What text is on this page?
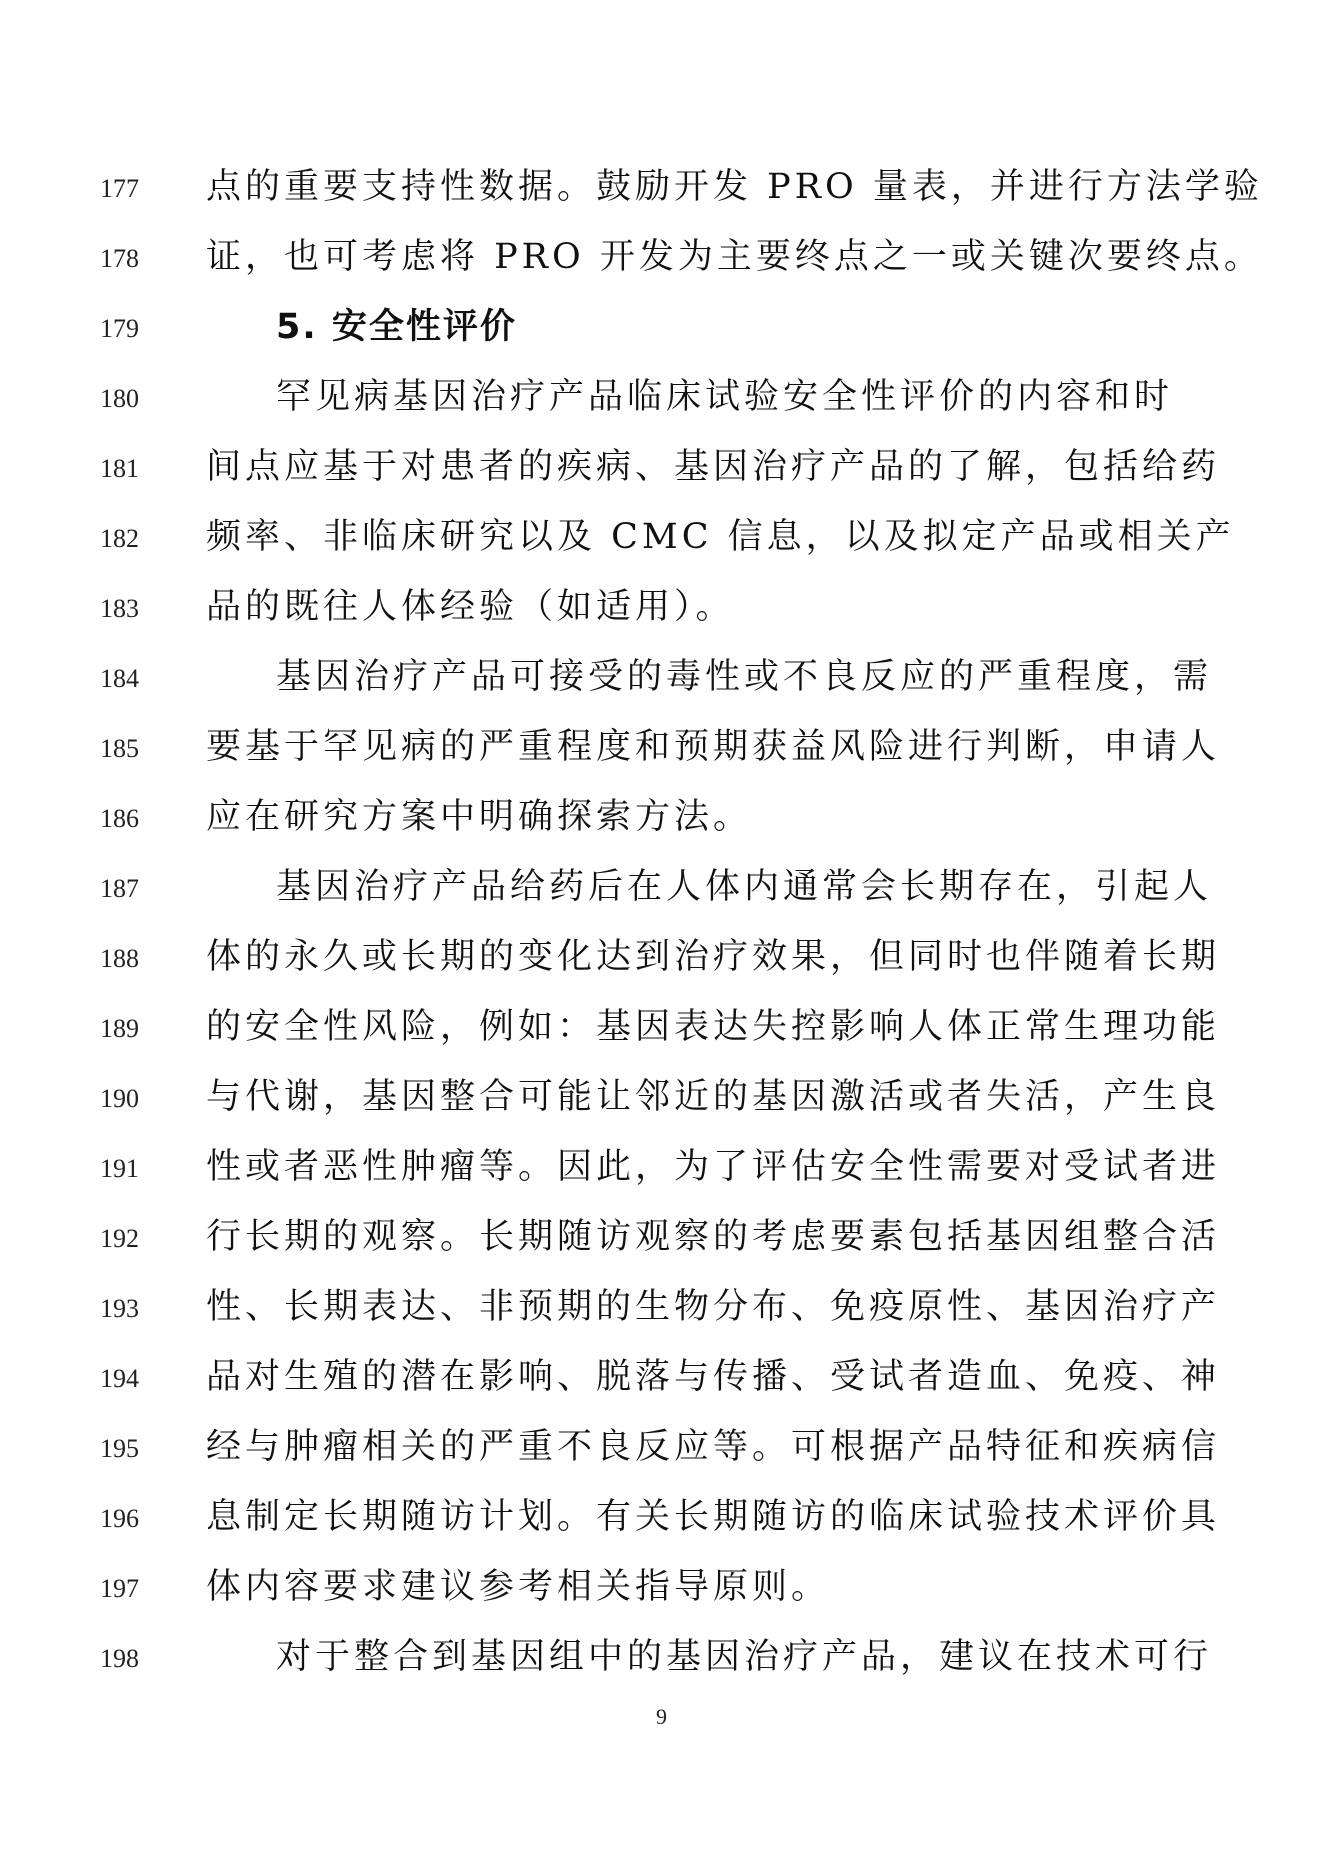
177	点的重要支持性数据。鼓励开发 PRO 量表，并进行方法学验
178	证，也可考虑将 PRO 开发为主要终点之一或关键次要终点。
179	5. 安全性评价
180	罕见病基因治疗产品临床试验安全性评价的内容和时
181	间点应基于对患者的疾病、基因治疗产品的了解，包括给药
182	频率、非临床研究以及 CMC 信息，以及拟定产品或相关产
183	品的既往人体经验（如适用）。
184	基因治疗产品可接受的毒性或不良反应的严重程度，需
185	要基于罕见病的严重程度和预期获益风险进行判断，申请人
186	应在研究方案中明确探索方法。
187	基因治疗产品给药后在人体内通常会长期存在，引起人
188	体的永久或长期的变化达到治疗效果，但同时也伴随着长期
189	的安全性风险，例如：基因表达失控影响人体正常生理功能
190	与代谢，基因整合可能让邻近的基因激活或者失活，产生良
191	性或者恶性肿瘤等。因此，为了评估安全性需要对受试者进
192	行长期的观察。长期随访观察的考虑要素包括基因组整合活
193	性、长期表达、非预期的生物分布、免疫原性、基因治疗产
194	品对生殖的潜在影响、脱落与传播、受试者造血、免疫、神
195	经与肿瘤相关的严重不良反应等。可根据产品特征和疾病信
196	息制定长期随访计划。有关长期随访的临床试验技术评价具
197	体内容要求建议参考相关指导原则。
198	对于整合到基因组中的基因治疗产品，建议在技术可行
9
